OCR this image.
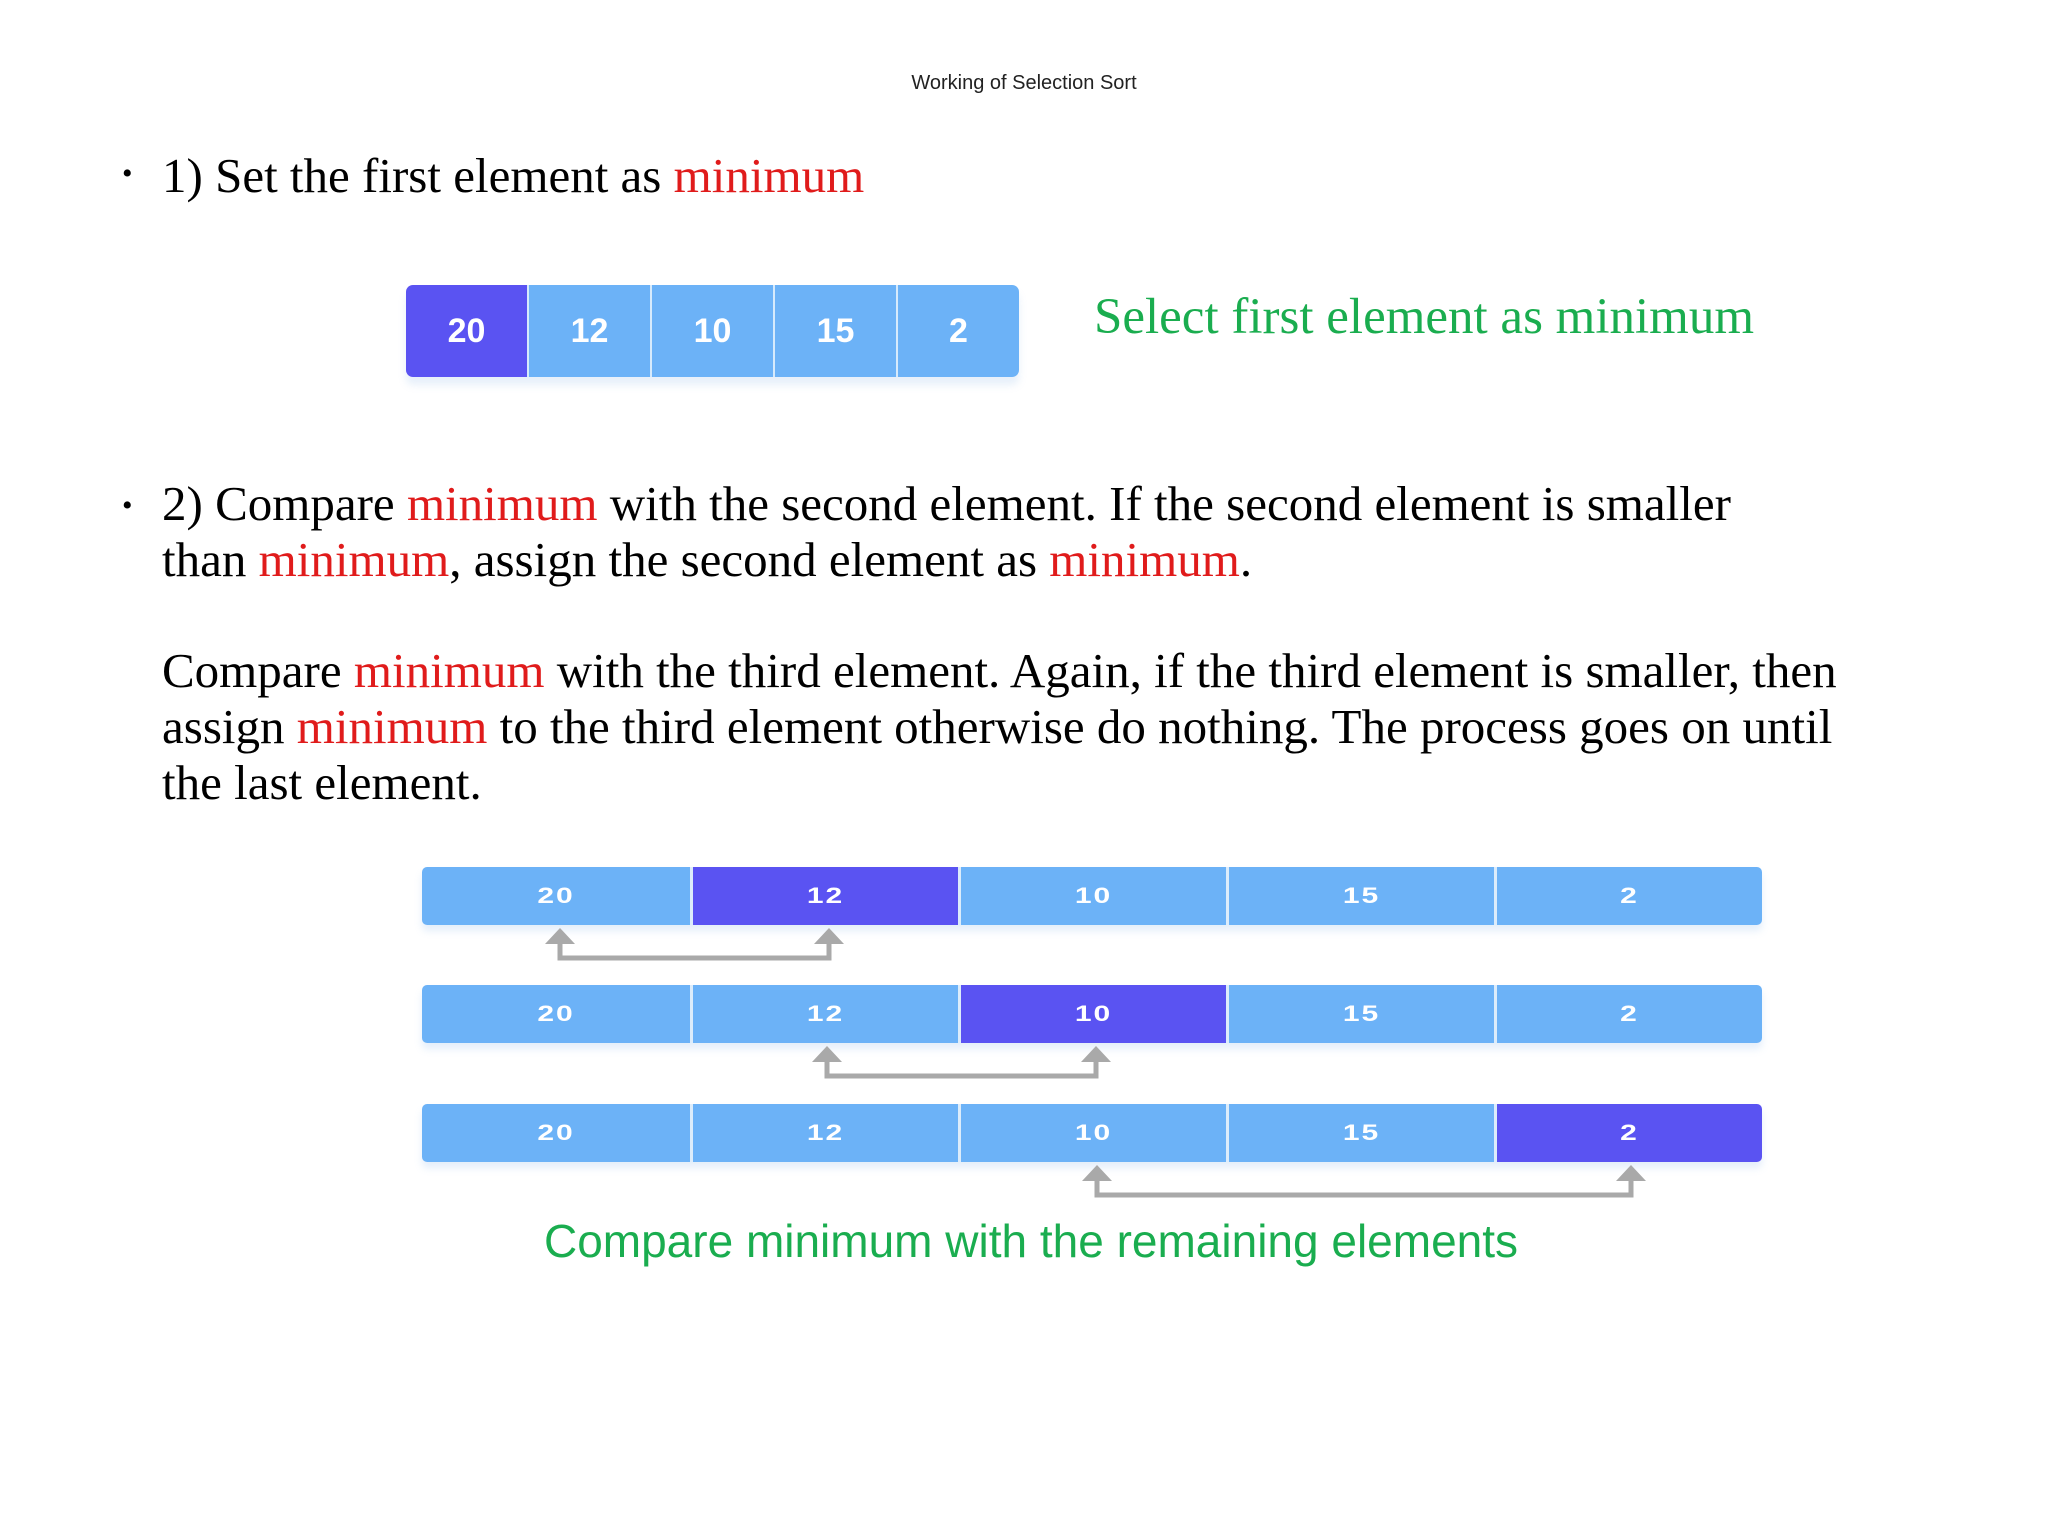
Working of Selection Sort
• 1) Set the first element as minimum
20	12	10	15	2	Select first element as minimum
• 2) Compare minimum with the second element. If the second element is smaller
than minimum, assign the second element as minimum.
Compare minimum with the third element. Again, if the third element is smaller, then
assign minimum to the third element otherwise do nothing. The process goes on until
the last element.
20	12	10	15	2
20	12	10	15	2
20	12	10	15	2
Compare minimum with the remaining elements
